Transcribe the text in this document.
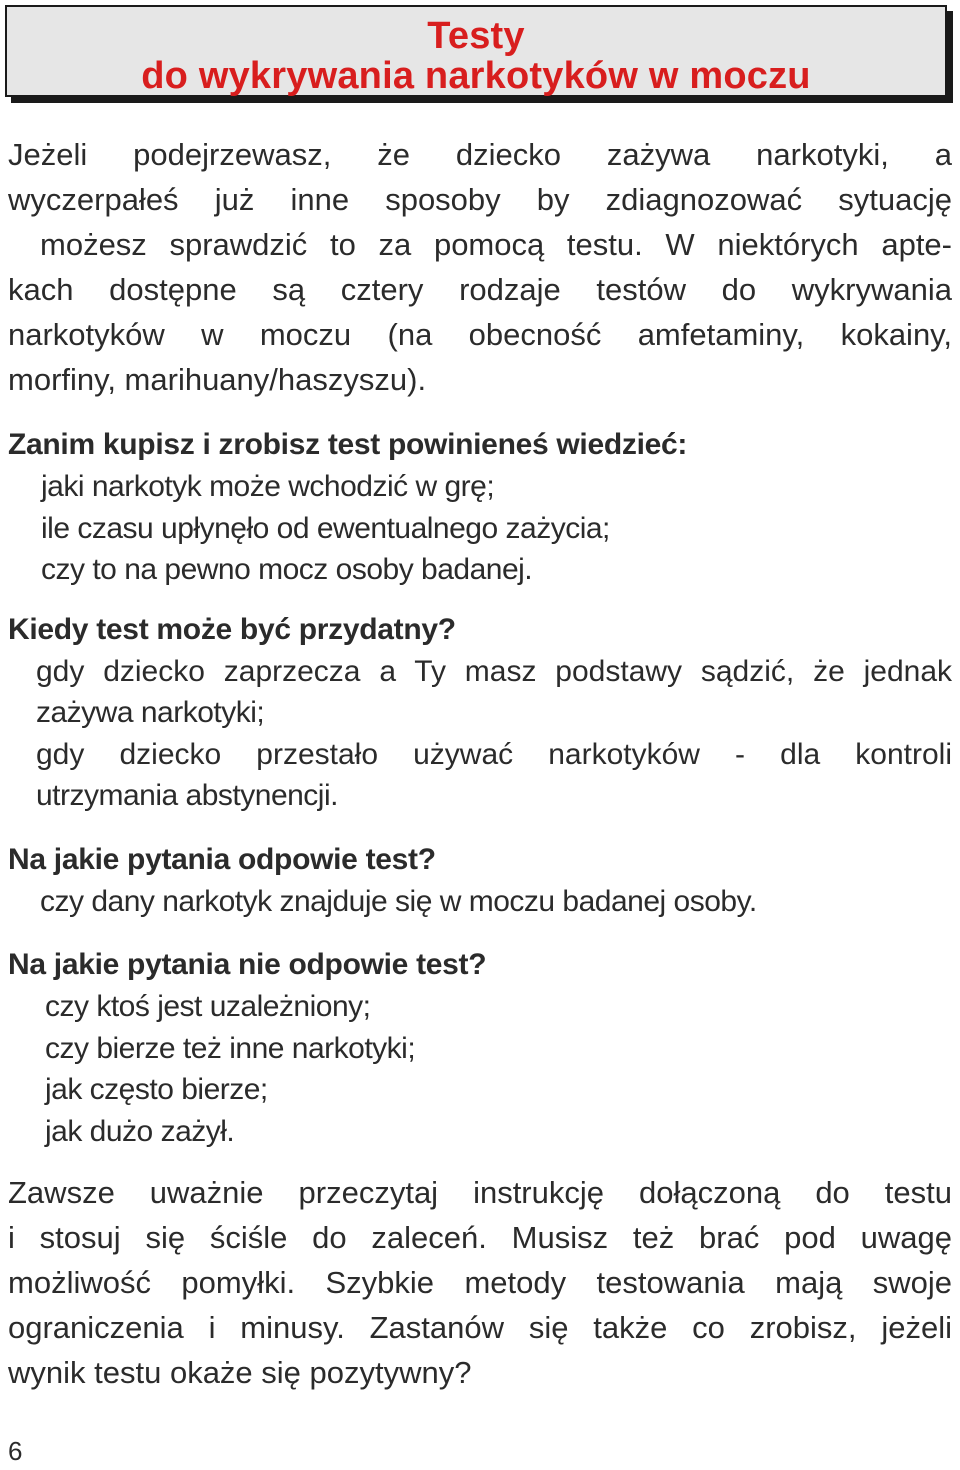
Testy
do wykrywania narkotyków w moczu

Jeżeli podejrzewasz, że dziecko zażywa narkotyki, a
wyczerpałeś już inne sposoby by zdiagnozować sytuację
możesz sprawdzić to za pomocą testu. W niektórych apte-
kach dostępne są cztery rodzaje testów do wykrywania
narkotyków w moczu (na obecność amfetaminy, kokainy,
morfiny, marihuany/haszyszu).

Zanim kupisz i zrobisz test powinieneś wiedzieć:

jaki narkotyk może wchodzić w grę;
ile czasu upłynęło od ewentualnego zażycia;
czy to na pewno mocz osoby badanej.

Kiedy test może być przydatny?

gdy dziecko zaprzecza a Ty masz podstawy sądzić, że jednak
zażywa narkotyki;
gdy dziecko przestało używać narkotyków - dla kontroli
utrzymania abstynencji.

Na jakie pytania odpowie test?

czy dany narkotyk znajduje się w moczu badanej osoby.

Na jakie pytania nie odpowie test?

czy ktoś jest uzależniony;
czy bierze też inne narkotyki;
jak często bierze;
jak dużo zażył.

Zawsze uważnie przeczytaj instrukcję dołączoną do testu
i stosuj się ściśle do zaleceń. Musisz też brać pod uwagę
możliwość pomyłki. Szybkie metody testowania mają swoje
ograniczenia i minusy. Zastanów się także co zrobisz, jeżeli
wynik testu okaże się pozytywny?

6
